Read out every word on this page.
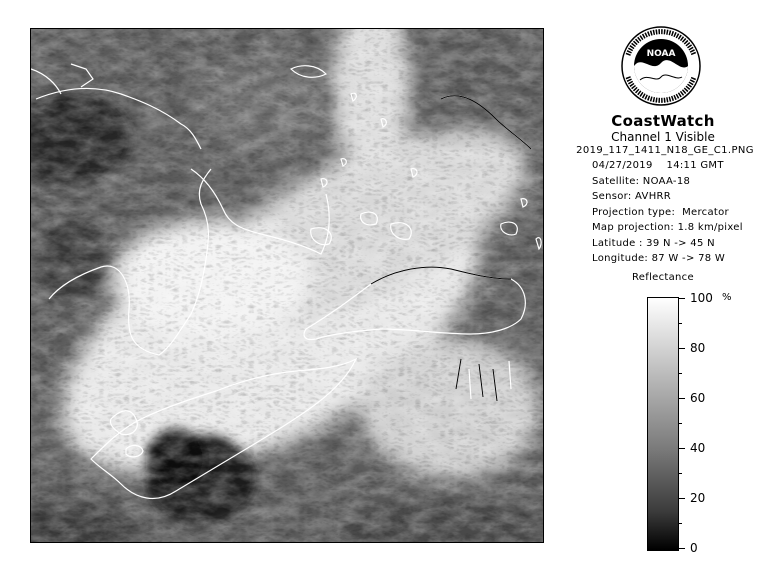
NOAA
CoastWatch
Channel 1 Visible
2019_117_1411_N18_GE_C1.PNG
04/27/2019    14:11 GMT
Satellite: NOAA-18
Sensor: AVHRR
Projection type:  Mercator
Map projection: 1.8 km/pixel
Latitude : 39 N -> 45 N
Longitude: 87 W -> 78 W
Reflectance
%
100
80
60
40
20
0
